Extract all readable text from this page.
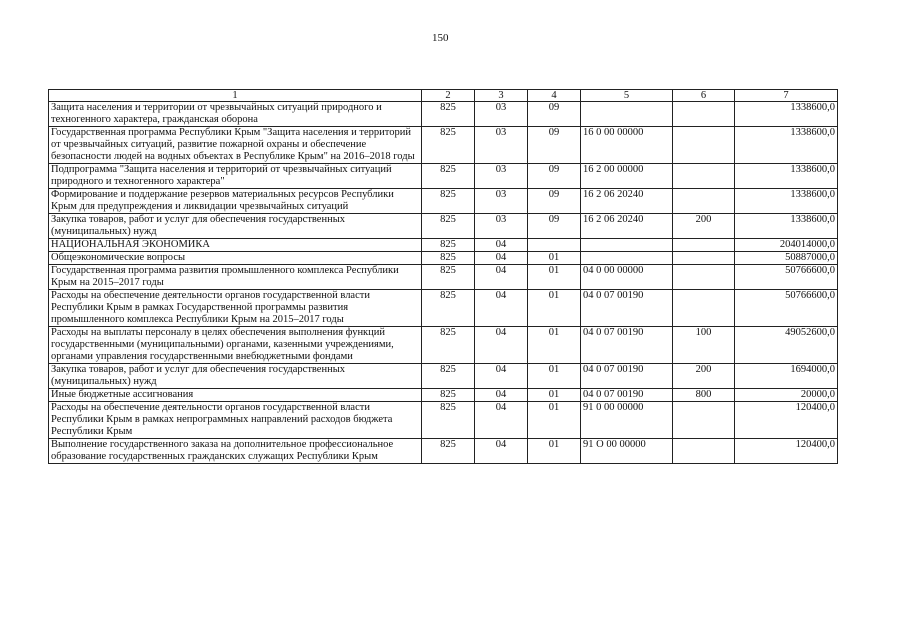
150
1	2	3	4	5	6	7
Защита населения и территории от чрезвычайных ситуаций природного и техногенного характера, гражданская оборона	825	03	09			1338600,0
Государственная программа Республики Крым "Защита населения и территорий от чрезвычайных ситуаций, развитие пожарной охраны и обеспечение безопасности людей на водных объектах в Республике Крым" на 2016–2018 годы	825	03	09	16 0 00 00000		1338600,0
Подпрограмма "Защита населения и территорий от чрезвычайных ситуаций природного и техногенного характера"	825	03	09	16 2 00 00000		1338600,0
Формирование и поддержание резервов материальных ресурсов Республики Крым для предупреждения и ликвидации чрезвычайных ситуаций	825	03	09	16 2 06 20240		1338600,0
Закупка товаров, работ и услуг для обеспечения государственных (муниципальных) нужд	825	03	09	16 2 06 20240	200	1338600,0
НАЦИОНАЛЬНАЯ ЭКОНОМИКА	825	04				204014000,0
Общеэкономические вопросы	825	04	01			50887000,0
Государственная программа развития промышленного комплекса Республики Крым на 2015–2017 годы	825	04	01	04 0 00 00000		50766600,0
Расходы на обеспечение деятельности органов государственной власти Республики Крым в рамках Государственной программы развития промышленного комплекса Республики Крым на 2015–2017 годы	825	04	01	04 0 07 00190		50766600,0
Расходы на выплаты персоналу в целях обеспечения выполнения функций государственными (муниципальными) органами, казенными учреждениями, органами управления государственными внебюджетными фондами	825	04	01	04 0 07 00190	100	49052600,0
Закупка товаров, работ и услуг для обеспечения государственных (муниципальных) нужд	825	04	01	04 0 07 00190	200	1694000,0
Иные бюджетные ассигнования	825	04	01	04 0 07 00190	800	20000,0
Расходы на обеспечение деятельности органов государственной власти Республики Крым в рамках непрограммных направлений расходов бюджета Республики Крым	825	04	01	91 0 00 00000		120400,0
Выполнение государственного заказа на дополнительное профессиональное образование государственных гражданских служащих Республики Крым	825	04	01	91 О 00 00000		120400,0
